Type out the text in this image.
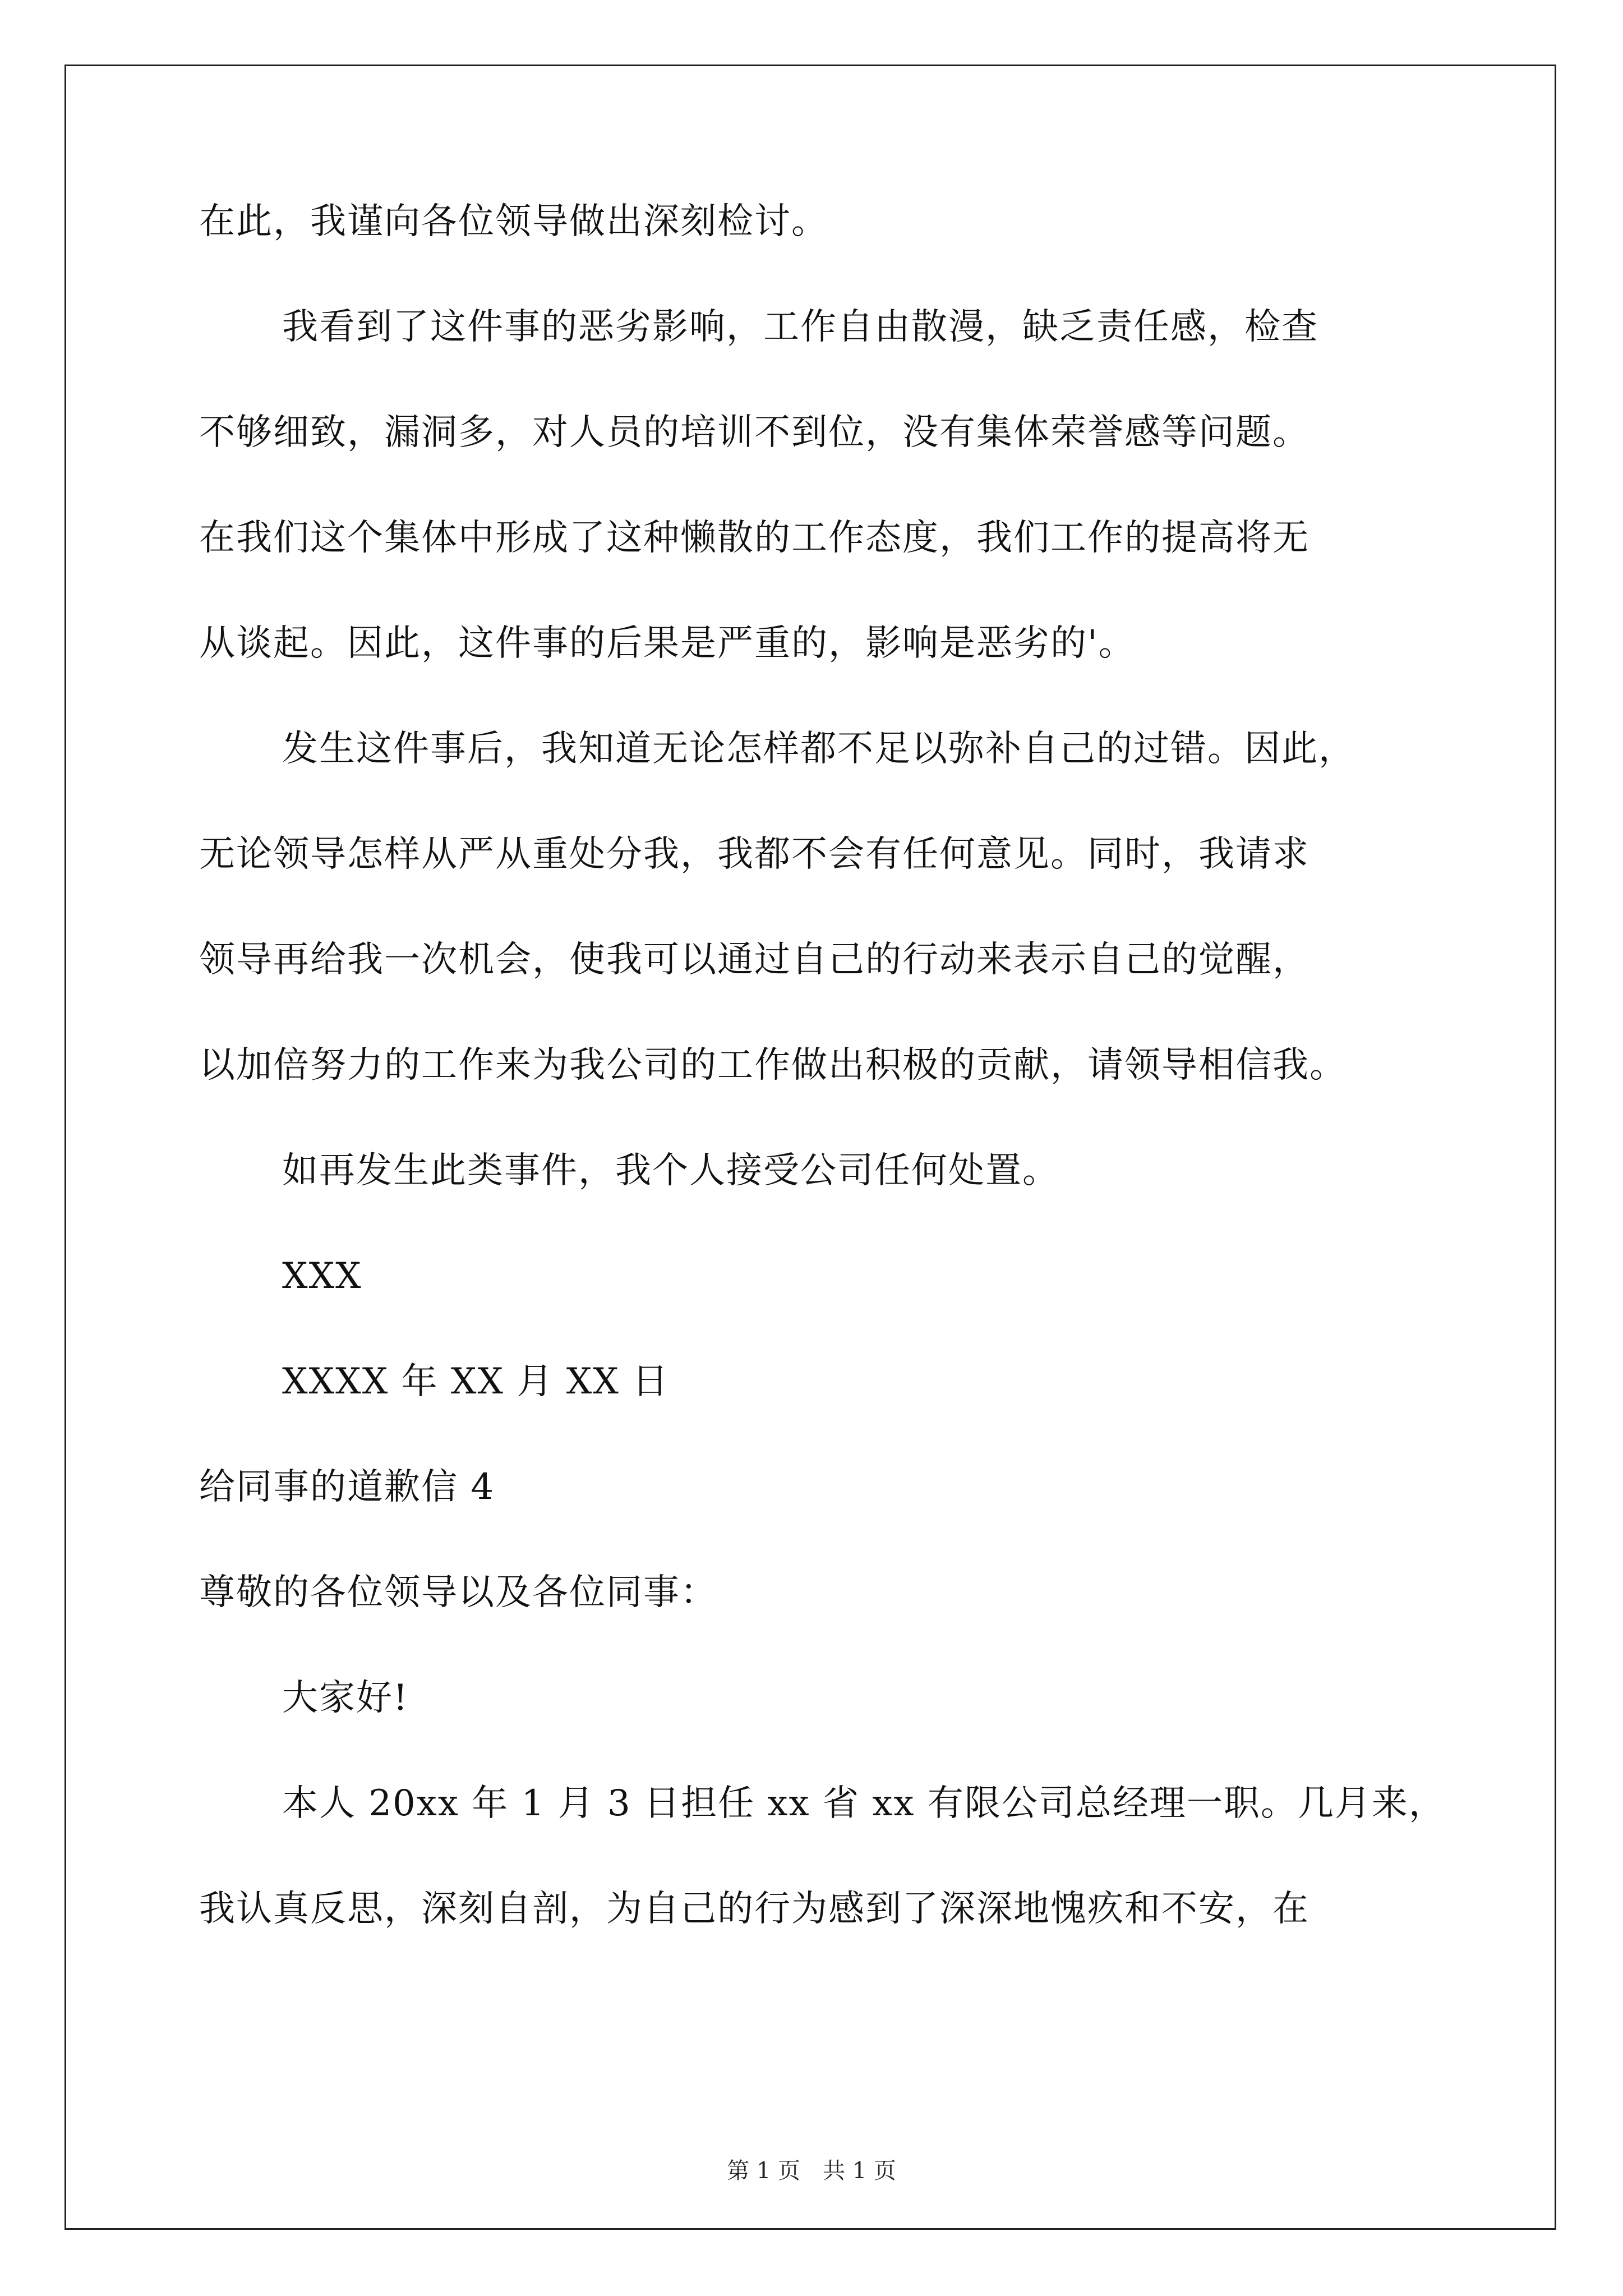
在此，我谨向各位领导做出深刻检讨。
我看到了这件事的恶劣影响，工作自由散漫，缺乏责任感，检查
不够细致，漏洞多，对人员的培训不到位，没有集体荣誉感等问题。
在我们这个集体中形成了这种懒散的工作态度，我们工作的提高将无
从谈起。因此，这件事的后果是严重的，影响是恶劣的'。
发生这件事后，我知道无论怎样都不足以弥补自己的过错。因此，
无论领导怎样从严从重处分我，我都不会有任何意见。同时，我请求
领导再给我一次机会，使我可以通过自己的行动来表示自己的觉醒，
以加倍努力的工作来为我公司的工作做出积极的贡献，请领导相信我。
如再发生此类事件，我个人接受公司任何处置。
XXX
XXXX 年 XX 月 XX 日
给同事的道歉信 4
尊敬的各位领导以及各位同事：
大家好!
本人 20xx 年 1 月 3 日担任 xx 省 xx 有限公司总经理一职。几月来，
我认真反思，深刻自剖，为自己的行为感到了深深地愧疚和不安，在
第 1 页　共 1 页
